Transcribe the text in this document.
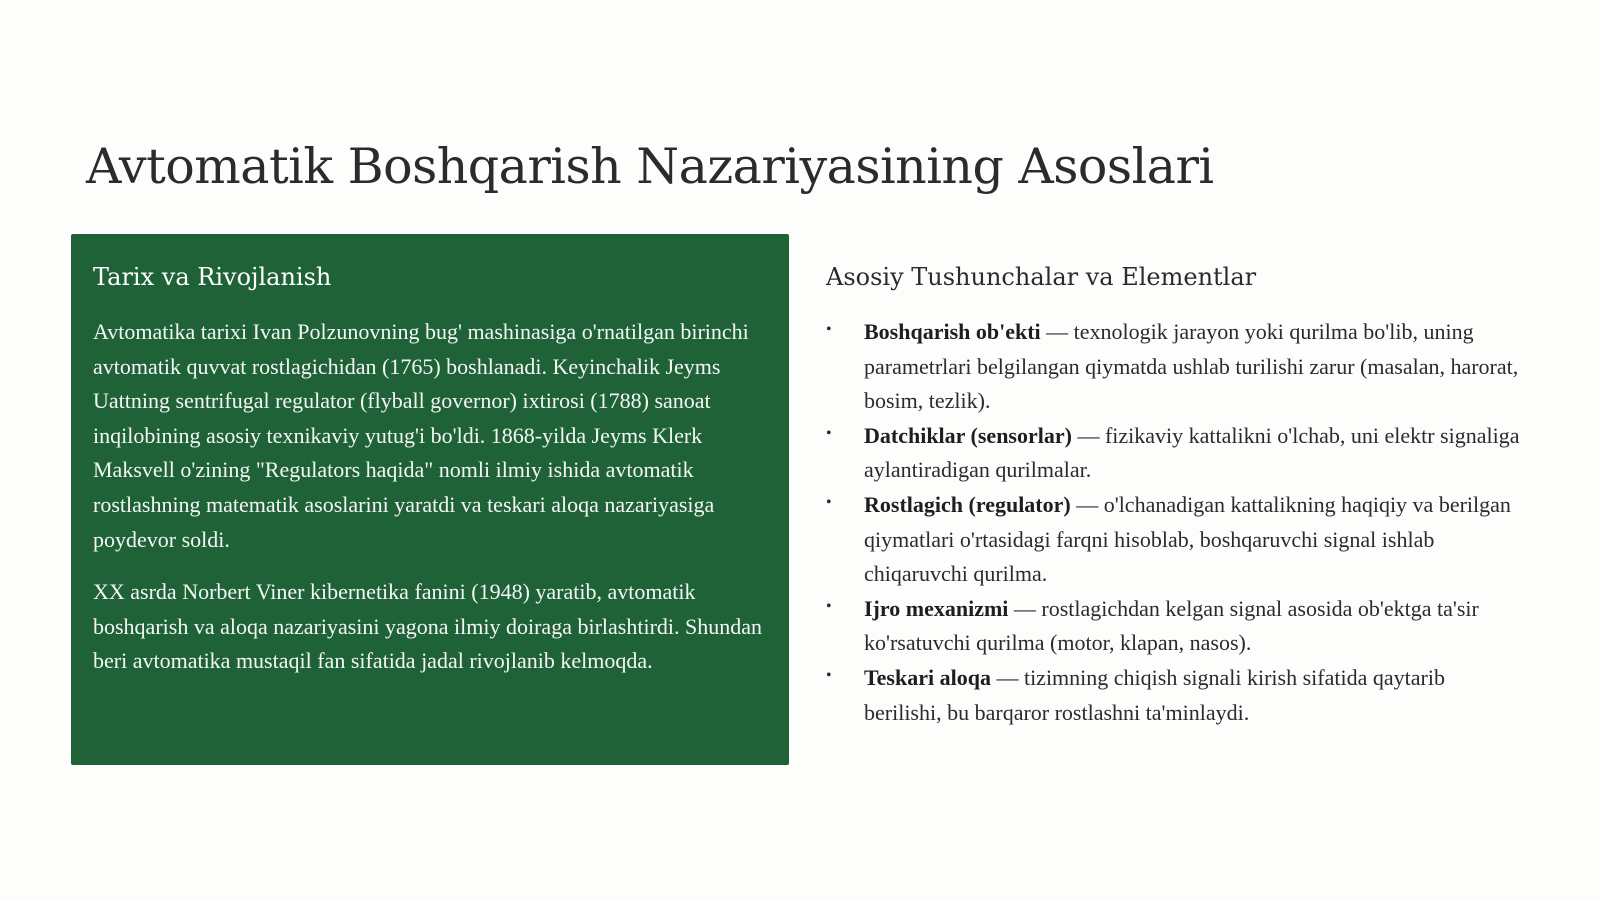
Avtomatik Boshqarish Nazariyasining Asoslari
Tarix va Rivojlanish

Avtomatika tarixi Ivan Polzunovning bug' mashinasiga o'rnatilgan birinchi avtomatik quvvat rostlagichidan (1765) boshlanadi. Keyinchalik Jeyms Uattning sentrifugal regulator (flyball governor) ixtirosi (1788) sanoat inqilobining asosiy texnikaviy yutug'i bo'ldi. 1868-yilda Jeyms Klerk Maksvell o'zining "Regulators haqida" nomli ilmiy ishida avtomatik rostlashning matematik asoslarini yaratdi va teskari aloqa nazariyasiga poydevor soldi.

XX asrda Norbert Viner kibernetika fanini (1948) yaratib, avtomatik boshqarish va aloqa nazariyasini yagona ilmiy doiraga birlashtirdi. Shundan beri avtomatika mustaqil fan sifatida jadal rivojlanib kelmoqda.

Asosiy Tushunchalar va Elementlar
• Boshqarish ob'ekti — texnologik jarayon yoki qurilma bo'lib, uning parametrlari belgilangan qiymatda ushlab turilishi zarur (masalan, harorat, bosim, tezlik).
• Datchiklar (sensorlar) — fizikaviy kattalikni o'lchab, uni elektr signaliga aylantiradigan qurilmalar.
• Rostlagich (regulator) — o'lchanadigan kattalikning haqiqiy va berilgan qiymatlari o'rtasidagi farqni hisoblab, boshqaruvchi signal ishlab chiqaruvchi qurilma.
• Ijro mexanizmi — rostlagichdan kelgan signal asosida ob'ektga ta'sir ko'rsatuvchi qurilma (motor, klapan, nasos).
• Teskari aloqa — tizimning chiqish signali kirish sifatida qaytarib berilishi, bu barqaror rostlashni ta'minlaydi.
